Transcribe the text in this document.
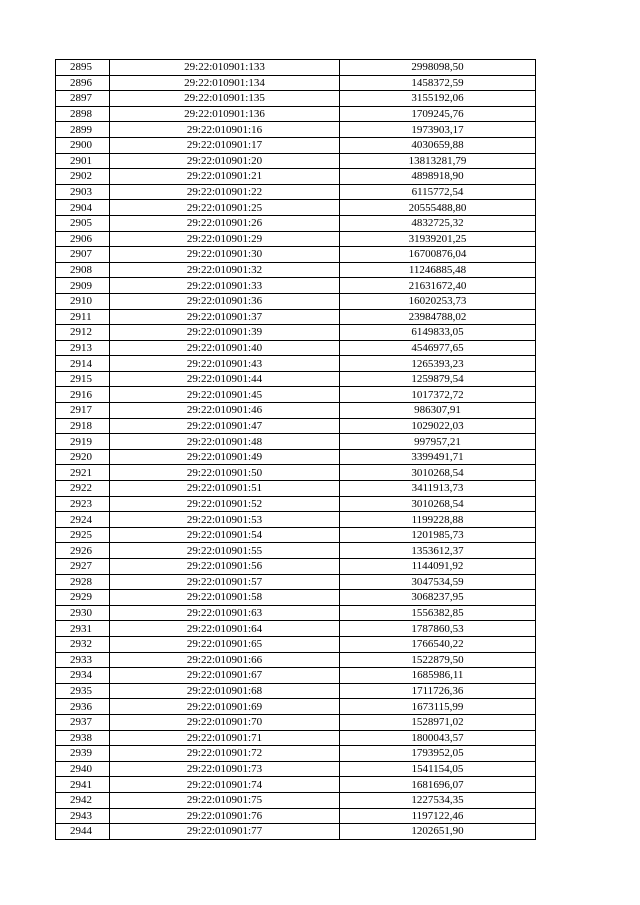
2895	29:22:010901:133	2998098,50
2896	29:22:010901:134	1458372,59
2897	29:22:010901:135	3155192,06
2898	29:22:010901:136	1709245,76
2899	29:22:010901:16	1973903,17
2900	29:22:010901:17	4030659,88
2901	29:22:010901:20	13813281,79
2902	29:22:010901:21	4898918,90
2903	29:22:010901:22	6115772,54
2904	29:22:010901:25	20555488,80
2905	29:22:010901:26	4832725,32
2906	29:22:010901:29	31939201,25
2907	29:22:010901:30	16700876,04
2908	29:22:010901:32	11246885,48
2909	29:22:010901:33	21631672,40
2910	29:22:010901:36	16020253,73
2911	29:22:010901:37	23984788,02
2912	29:22:010901:39	6149833,05
2913	29:22:010901:40	4546977,65
2914	29:22:010901:43	1265393,23
2915	29:22:010901:44	1259879,54
2916	29:22:010901:45	1017372,72
2917	29:22:010901:46	986307,91
2918	29:22:010901:47	1029022,03
2919	29:22:010901:48	997957,21
2920	29:22:010901:49	3399491,71
2921	29:22:010901:50	3010268,54
2922	29:22:010901:51	3411913,73
2923	29:22:010901:52	3010268,54
2924	29:22:010901:53	1199228,88
2925	29:22:010901:54	1201985,73
2926	29:22:010901:55	1353612,37
2927	29:22:010901:56	1144091,92
2928	29:22:010901:57	3047534,59
2929	29:22:010901:58	3068237,95
2930	29:22:010901:63	1556382,85
2931	29:22:010901:64	1787860,53
2932	29:22:010901:65	1766540,22
2933	29:22:010901:66	1522879,50
2934	29:22:010901:67	1685986,11
2935	29:22:010901:68	1711726,36
2936	29:22:010901:69	1673115,99
2937	29:22:010901:70	1528971,02
2938	29:22:010901:71	1800043,57
2939	29:22:010901:72	1793952,05
2940	29:22:010901:73	1541154,05
2941	29:22:010901:74	1681696,07
2942	29:22:010901:75	1227534,35
2943	29:22:010901:76	1197122,46
2944	29:22:010901:77	1202651,90
